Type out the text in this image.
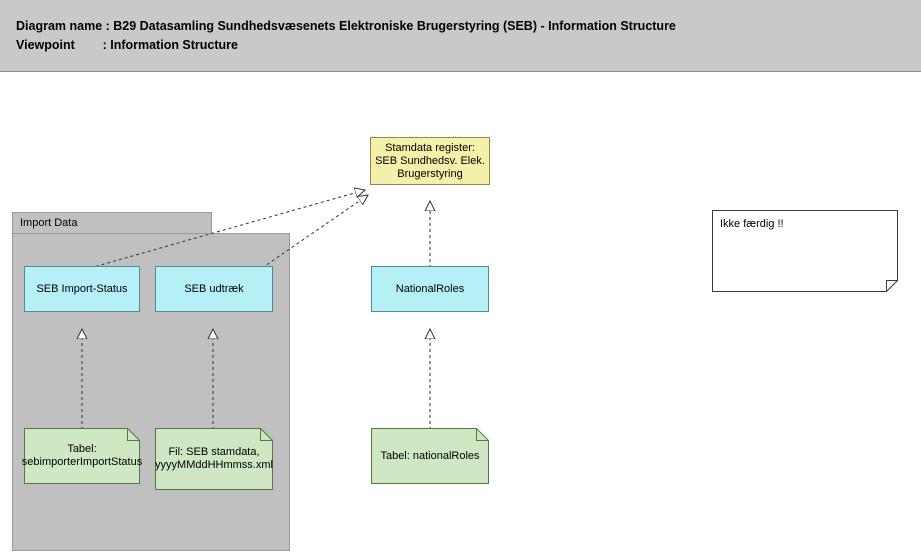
Diagram name : B29 Datasamling Sundhedsvæsenets Elektroniske Brugerstyring (SEB) - Information Structure
Viewpoint        : Information Structure
Import Data
Stamdata register: SEB Sundhedsv. Elek. Brugerstyring
SEB Import-Status	SEB udtræk	NationalRoles
Tabel: sebimporterImportStatus
Fil: SEB stamdata, yyyyMMddHHmmss.xml
Tabel: nationalRoles
Ikke færdig !!
